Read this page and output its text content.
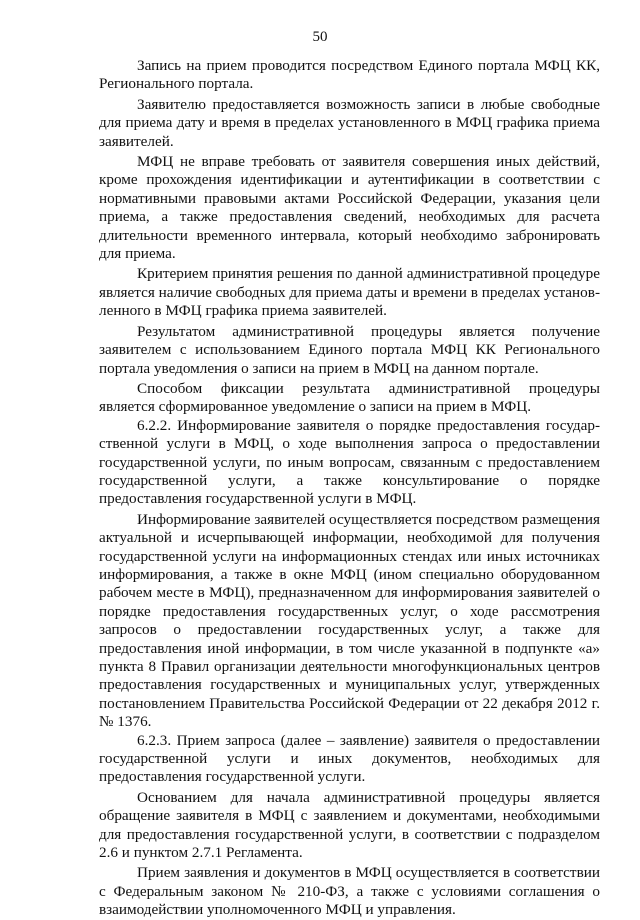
50

Запись на прием проводится посредством Единого портала МФЦ КК, Регионального портала.

Заявителю предоставляется возможность записи в любые свободные для приема дату и время в пределах установленного в МФЦ графика приема заявителей.

МФЦ не вправе требовать от заявителя совершения иных действий, кроме прохождения идентификации и аутентификации в соответствии с нормативными правовыми актами Российской Федерации, указания цели приема, а также предоставления сведений, необходимых для расчета длительности временного интервала, который необходимо забронировать для приема.

Критерием принятия решения по данной административной процедуре является наличие свободных для приема даты и времени в пределах установленного в МФЦ графика приема заявителей.

Результатом административной процедуры является получение заявителем с использованием Единого портала МФЦ КК Регионального портала уведомления о записи на прием в МФЦ на данном портале.

Способом фиксации результата административной процедуры является сформированное уведомление о записи на прием в МФЦ.

6.2.2. Информирование заявителя о порядке предоставления государственной услуги в МФЦ, о ходе выполнения запроса о предоставлении государственной услуги, по иным вопросам, связанным с предоставлением государственной услуги, а также консультирование о порядке предоставления государственной услуги в МФЦ.

Информирование заявителей осуществляется посредством размещения актуальной и исчерпывающей информации, необходимой для получения государственной услуги на информационных стендах или иных источниках информирования, а также в окне МФЦ (ином специально оборудованном рабочем месте в МФЦ), предназначенном для информирования заявителей о порядке предоставления государственных услуг, о ходе рассмотрения запросов о предоставлении государственных услуг, а также для предоставления иной информации, в том числе указанной в подпункте «а» пункта 8 Правил организации деятельности многофункциональных центров предоставления государственных и муниципальных услуг, утвержденных постановлением Правительства Российской Федерации от 22 декабря 2012 г. № 1376.

6.2.3. Прием запроса (далее – заявление) заявителя о предоставлении государственной услуги и иных документов, необходимых для предоставления государственной услуги.

Основанием для начала административной процедуры является обращение заявителя в МФЦ с заявлением и документами, необходимыми для предоставления государственной услуги, в соответствии с подразделом 2.6 и пунктом 2.7.1 Регламента.

Прием заявления и документов в МФЦ осуществляется в соответствии с Федеральным законом № 210-ФЗ, а также с условиями соглашения о взаимодействии уполномоченного МФЦ и управления.
